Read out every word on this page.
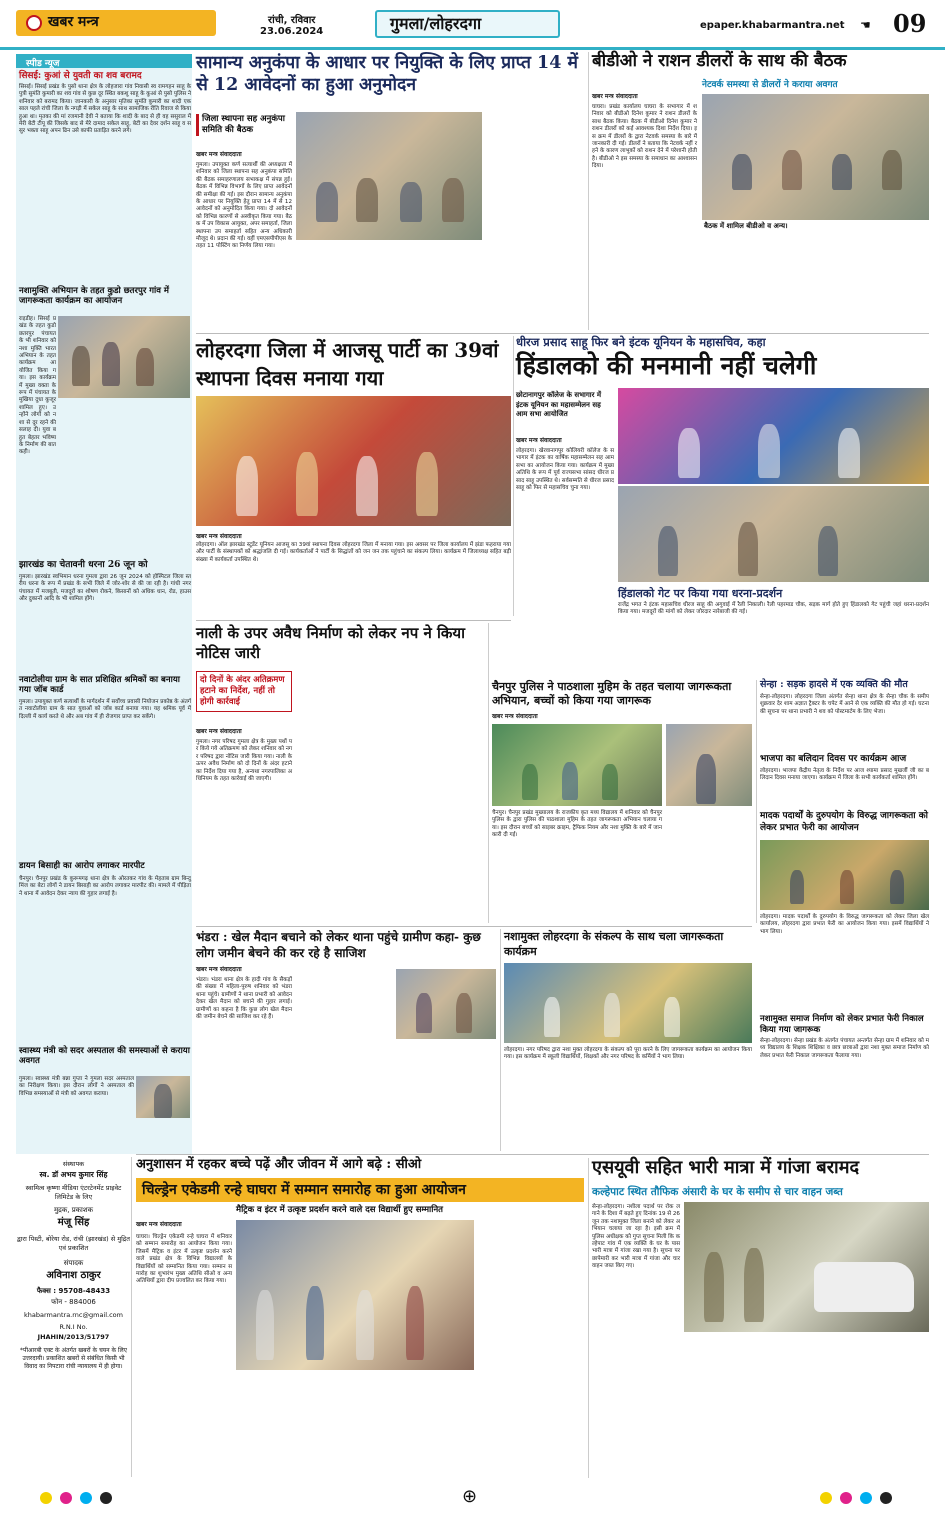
खबर मन्त्र	रांची, रविवार
23.06.2024	गुमला/लोहरदगा	epaper.khabarmantra.net ☚ 09
स्पीड न्यूज
सिसई: कुआं से युवती का शव बरामद
सिसई। सिसई प्रखंड के पुसो थाना क्षेत्र के लोहजारा गांव निवासी स्व रामगहन साहू के पुत्री सुमंति कुमारी का शव गांव से कुछ दूर स्थित बकशु साहू के कुआं से पुसो पुलिस ने शनिवार को बरामद किया। जानकारी के अनुसार मृतिका सुमंति कुमारी का शादी एक साल पहले रांची जिला के नगड़ी में सकेल साहू के साथ सामाजिक रीति रिवाज से किया हुआ था। मृतका की मां रजमानी देवी ने बताया कि शादी के बाद से ही वह ससुराल में मेरी बेटी टीपू की जिसके बाद से मेरे दामाद सकेल साहू, बेटी का देवर दर्शन साहू व ससुर भक्ता साहू अपन ढिन उसे काफी प्रताड़ित करने लगे।
नशामुक्ति अभियान के तहत कुडो छतरपुर गांव में जागरूकता कार्यक्रम का आयोजन
राइडीह। सिसई प्रखंड के तहत कुडो छतरपुर पंचायत के भी शनिवार को नशा मुक्ति भारत अभियान के तहत कार्यक्रम आयोजित किया गया। इस कार्यक्रम में मुख्य वक्ता के रूप में पंचायत के मुखिया दुधा कुजूर शामिल हुए। उन्होंने लोगों को नशा से दूर रहने की सलाह दी। युवा बहुत बेहतर भविष्य के निर्माण की बात कही।
झारखंड का चेतावनी धरना 26 जून को
गुमला। झारखंड स्वभिमान धरना गुमला द्वारा 26 जून 2024 को होस्पिटल जिला स्तरीय धरना के रूप में प्रखंड के सभी जिले में जोर-शोर से की जा रही है। गांधी नगर पंचायत में मजबूती, मजदूरों का शोषण रोकने, किसानों को अधिक धान, रोड, हाउस और दुकानों आदि के भी शामिल होंगे।
नवाटोलीया ग्राम के सात प्रशिक्षित श्रमिकों का बनाया गया जॉब कार्ड
गुमला। उपायुक्त कर्ण सत्यार्थी के मार्गदर्शन में सर्वोच्च प्रवासी नियोजन प्रकोष्ठ के अंतर्गत नवाटोलीया ग्राम के सात युवाओं को जॉब कार्ड बनाया गया। यह श्रमिक पूर्व में दिल्ली में कार्य करते थे और अब गांव में ही रोजगार प्राप्त कर सकेंगे।
डायन बिसाही का आरोप लगाकर मारपीट
चैनपुर। चैनपुर प्रखंड के कुरूमगढ़ थाना क्षेत्र के ओरतकर गांव के मेहताब ग्राम बिन्दु मिंज का बेटा लोगों ने डायन बिसाही का आरोप लगाकर मारपीट की। मामले में पीड़िता ने थाना में आवेदन देकर न्याय की गुहार लगाई है।
स्वास्थ्य मंत्री को सदर अस्पताल की समस्याओं से कराया अवगत
गुमला। स्वास्थ्य मंत्री बन्ना गुप्ता ने गुमला सदर अस्पताल का निरीक्षण किया। इस दौरान लोगों ने अस्पताल की विभिन्न समस्याओं से मंत्री को अवगत कराया।
संस्थापक
स्व. डॉ अभय कुमार सिंह
स्वामित्व कृष्णा मीडिया एंटरटेनमेंट प्राइवेट लिमिटेड के लिए
मुद्रक, प्रकाशक
मंजू सिंह
द्वारा पिस्टी, बोरेया रोड, रांची (झारखंड) से मुद्रित एवं प्रकाशित
संपादक
अविनाश ठाकुर
फैक्स : 95708-48433
फोन - 884006
khabarmantra.rnc@gmail.com
R.N.I No.
JHAHIN/2013/51797
*पीआरबी एक्ट के अंतर्गत खबरों के चयन के लिए उत्तरदायी। प्रकाशित खबरों से संबंधित किसी भी विवाद का निपटारा रांची न्यायालय में ही होगा।
सामान्य अनुकंपा के आधार पर नियुक्ति के लिए प्राप्त 14 में से 12 आवेदनों का हुआ अनुमोदन
जिला स्थापना सह अनुकंपा समिति की बैठक
खबर मन्त्र संवाददाता
गुमला। उपायुक्त कर्ण सत्यार्थी की अध्यक्षता में शनिवार को जिला स्थापना सह अनुकंपा समिति की बैठक समाहरणालय सभाकक्ष में संपन्न हुई। बैठक में विभिन्न विभागों के लिए प्राप्त आवेदनों की समीक्षा की गई। इस दौरान सामान्य अनुकंपा के आधार पर नियुक्ति हेतु प्राप्त 14 में से 12 आवेदनों को अनुमोदित किया गया। दो आवेदनों को विभिन्न कारणों से अस्वीकृत किया गया। बैठक में उप विकास आयुक्त, अपर समाहर्ता, जिला स्थापना उप समाहर्ता सहित अन्य अधिकारी मौजूद थे। प्रदान की गई। वहीं एमएसपीपीएस के तहत 11 पोस्टिंग का निर्णय लिया गया।
बीडीओ ने राशन डीलरों के साथ की बैठक
नेटवर्क समस्या से डीलरों ने कराया अवगत
खबर मन्त्र संवाददाता
घाघरा। प्रखंड कार्यालय घाघरा के सभागार में शनिवार को बीडीओ दिनेश कुमार ने राशन डीलरों के साथ बैठक किया। बैठक में बीडीओ दिनेश कुमार ने राशन डीलरों को कई आवश्यक दिशा निर्देश दिया। इस क्रम में डीलरों के द्वारा नेटवर्क समस्या के बारे में जानकारी दी गई। डीलरों ने बताया कि नेटवर्क नहीं रहने के कारण लाभुकों को राशन देने में परेशानी होती है। बीडीओ ने इस समस्या के समाधान का आश्वासन दिया।
बैठक में शामिल बीडीओ व अन्य।
लोहरदगा जिला में आजसू पार्टी का 39वां स्थापना दिवस मनाया गया
खबर मन्त्र संवाददाता
लोहरदगा। ऑल झारखंड स्टूडेंट यूनियन आजसू का 39वां स्थापना दिवस लोहरदगा जिला में मनाया गया। इस अवसर पर जिला कार्यालय में झंडा फहराया गया और पार्टी के संस्थापकों को श्रद्धांजलि दी गई। कार्यकर्ताओं ने पार्टी के सिद्धांतों को जन जन तक पहुंचाने का संकल्प लिया। कार्यक्रम में जिलाध्यक्ष सहित बड़ी संख्या में कार्यकर्ता उपस्थित थे।
धीरज प्रसाद साहू फिर बने इंटक यूनियन के महासचिव, कहा
हिंडालको की मनमानी नहीं चलेगी
छोटानागपुर कॉलेज के सभागार में इंटक यूनियन का महासम्मेलन सह आम सभा आयोजित
खबर मन्त्र संवाददाता
लोहरदगा। खेरवानागपुर कोलियरी कॉलेज के सभागार में इंटक का वार्षिक महासम्मेलन सह आम सभा का आयोजन किया गया। कार्यक्रम में मुख्य अतिथि के रूप में पूर्व राज्यसभा सांसद धीरज प्रसाद साहू उपस्थित थे। सर्वसम्मति से धीरज प्रसाद साहू को फिर से महासचिव चुना गया।
हिंडालको गेट पर किया गया धरना-प्रदर्शन
राजेंद्र भगत ने इंटक महासचिव धीरज साहू की अगुवाई में रैली निकाली। रैली पहरमाड चौक, सड़क मार्ग होते हुए हिंडालको गेट पहुंची जहां धरना-प्रदर्शन किया गया। मजदूरों की मांगों को लेकर जोरदार नारेबाजी की गई।
नाली के उपर अवैध निर्माण को लेकर नप ने किया नोटिस जारी
दो दिनों के अंदर अतिक्रमण हटाने का निर्देश, नहीं तो होगी कार्रवाई
खबर मन्त्र संवाददाता
गुमला। नगर परिषद गुमला क्षेत्र के मुख्य पथों पर किये गये अतिक्रमण को लेकर शनिवार को नगर परिषद द्वारा नोटिस जारी किया गया। नाली के ऊपर अवैध निर्माण को दो दिनों के अंदर हटाने का निर्देश दिया गया है, अन्यथा नगरपालिका अधिनियम के तहत कार्रवाई की जाएगी।
चैनपुर पुलिस ने पाठशाला मुहिम के तहत चलाया जागरूकता अभियान, बच्चों को किया गया जागरूक
खबर मन्त्र संवाददाता
चैनपुर। चैनपुर प्रखंड मुख्यालय के राजकीय कृत मध्य विद्यालय में शनिवार को चैनपुर पुलिस के द्वारा पुलिस की पाठशाला मुहिम के तहत जागरूकता अभियान चलाया गया। इस दौरान बच्चों को साइबर क्राइम, ट्रैफिक नियम और नशा मुक्ति के बारे में जानकारी दी गई।
सेन्हा : सड़क हादसे में एक व्यक्ति की मौत
सेन्हा-लोहरदगा। लोहरदगा जिला अंतर्गत सेन्हा थाना क्षेत्र के सेन्हा चौक के समीप शुक्रवार देर शाम अज्ञात ट्रैक्टर के चपेट में आने से एक व्यक्ति की मौत हो गई। घटना की सूचना पर थाना प्रभारी ने शव को पोस्टमार्टम के लिए भेजा।
भाजपा का बलिदान दिवस पर कार्यक्रम आज
लोहरदगा। भाजपा केंद्रीय नेतृत्व के निर्देश पर आज श्यामा प्रसाद मुखर्जी जी का बलिदान दिवस मनाया जाएगा। कार्यक्रम में जिला के सभी कार्यकर्ता शामिल होंगे।
मादक पदार्थों के दुरुपयोग के विरुद्ध जागरूकता को लेकर प्रभात फेरी का आयोजन
लोहरदगा। मादक पदार्थों के दुरुपयोग के विरुद्ध जागरूकता को लेकर जिला खेल कार्यालय, लोहरदगा द्वारा प्रभात फेरी का आयोजन किया गया। इसमें विद्यार्थियों ने भाग लिया।
नशामुक्त समाज निर्माण को लेकर प्रभात फेरी निकाल किया गया जागरूक
सेन्हा-लोहरदगा। सेन्हा प्रखंड के अंतर्गत पंचायत अन्तर्गत सेन्हा ग्राम में शनिवार को मध्य विद्यालय के शिक्षक शिक्षिका व छात्र छात्राओं द्वारा नशा मुक्त समाज निर्माण को लेकर प्रभात फेरी निकाल जागरूकता फैलाया गया।
भंडरा : खेल मैदान बचाने को लेकर थाना पहुंचे ग्रामीण कहा- कुछ लोग जमीन बेचने की कर रहे है साजिश
खबर मन्त्र संवाददाता
भंडरा। भंडरा थाना क्षेत्र के हादी गांव के सैकड़ों की संख्या में महिला-पुरुष शनिवार को भंडरा थाना पहुंचे। ग्रामीणों ने थाना प्रभारी को आवेदन देकर खेल मैदान को बचाने की गुहार लगाई। ग्रामीणों का कहना है कि कुछ लोग खेल मैदान की जमीन बेचने की साजिश कर रहे हैं।
नशामुक्त लोहरदगा के संकल्प के साथ चला जागरूकता कार्यक्रम
लोहरदगा। नगर परिषद द्वारा नशा मुक्त लोहरदगा के संकल्प को पूरा करने के लिए जागरूकता कार्यक्रम का आयोजन किया गया। इस कार्यक्रम में स्कूली विद्यार्थियों, शिक्षकों और नगर परिषद के कर्मियों ने भाग लिया।
अनुशासन में रहकर बच्चे पढ़ें और जीवन में आगे बढ़े : सीओ
चिल्ड्रेन एकेडमी रन्हे घाघरा में सम्मान समारोह का हुआ आयोजन
मैट्रिक व इंटर में उत्कृष्ट प्रदर्शन करने वाले दस विद्यार्थी हुए सम्मानित
खबर मन्त्र संवाददाता
घाघरा। चिल्ड्रेन एकेडमी रन्हे घाघरा में शनिवार को सम्मान समारोह का आयोजन किया गया। जिसमें मैट्रिक व इंटर में उत्कृष्ट प्रदर्शन करने वाले प्रखंड क्षेत्र के विभिन्न विद्यालयों के विद्यार्थियों को सम्मानित किया गया। सम्मान समारोह का शुभारंभ मुख्य अतिथि सीओ व अन्य अतिथियों द्वारा दीप प्रज्वलित कर किया गया।
एसयूवी सहित भारी मात्रा में गांजा बरामद
कल्हेपाट स्थित तौफिक अंसारी के घर के समीप से चार वाहन जब्त
सेन्हा-लोहरदगा। नशीला पदार्थ पर रोक लगाने के दिशा में बढ़ते हुए दिनांक 19 से 26 जून तक नशामुक्त जिला बनाने को लेकर अभियान चलाया जा रहा है। इसी क्रम में पुलिस अधीक्षक को गुप्त सूचना मिली कि कल्हेपाट गांव में एक व्यक्ति के घर के पास भारी मात्रा में गांजा रखा गया है। सूचना पर छापेमारी कर भारी मात्रा में गांजा और चार वाहन जब्त किए गए।
⊕
